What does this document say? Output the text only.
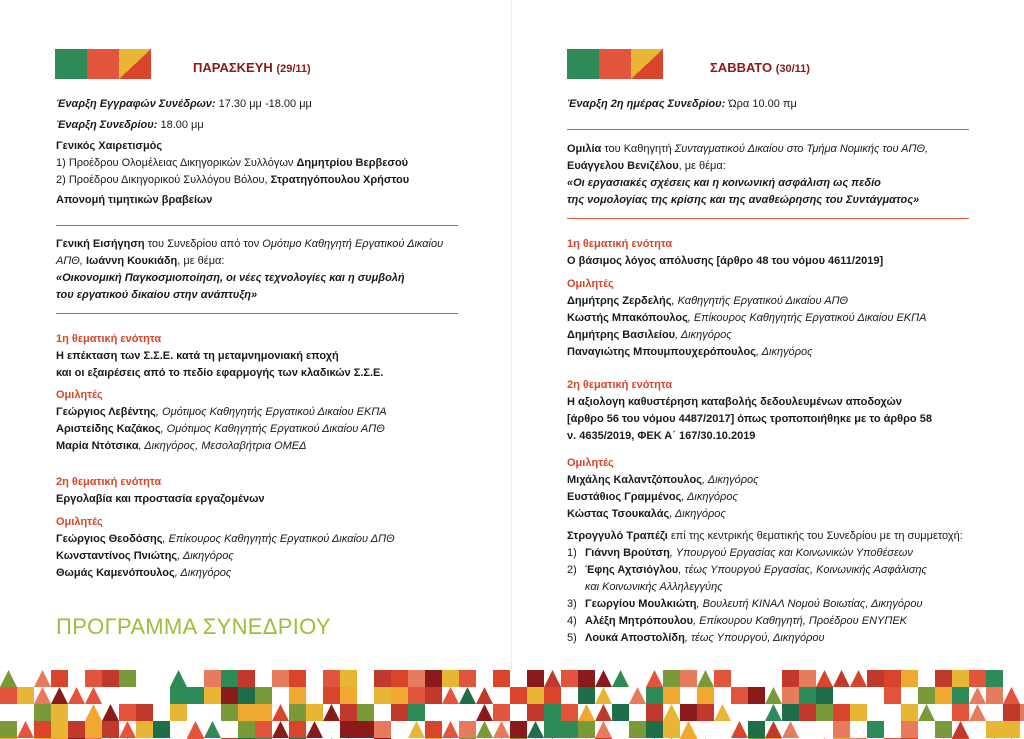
ΠΑΡΑΣΚΕΥΗ (29/11)
Έναρξη Εγγραφών Συνέδρων: 17.30 μμ -18.00 μμ
Έναρξη Συνεδρίου: 18.00 μμ
Γενικός Χαιρετισμός
1) Προέδρου Ολομέλειας Δικηγορικών Συλλόγων Δημητρίου Βερβεσού
2) Προέδρου Δικηγορικού Συλλόγου Βόλου, Στρατηγόπουλου Χρήστου
Απονομή τιμητικών βραβείων
Γενική Εισήγηση του Συνεδρίου από τον Ομότιμο Καθηγητή Εργατικού Δικαίου
ΑΠΘ, Ιωάννη Κουκιάδη, με θέμα:
«Οικονομική Παγκοσμιοποίηση, οι νέες τεχνολογίες και η συμβολή
του εργατικού δικαίου στην ανάπτυξη»
1η θεματική ενότητα
Η επέκταση των Σ.Σ.Ε. κατά τη μεταμνημονιακή εποχή
και οι εξαιρέσεις από το πεδίο εφαρμογής των κλαδικών Σ.Σ.Ε.
Ομιλητές
Γεώργιος Λεβέντης, Ομότιμος Καθηγητής Εργατικού Δικαίου ΕΚΠΑ
Αριστείδης Καζάκος, Ομότιμος Καθηγητής Εργατικού Δικαίου ΑΠΘ
Μαρία Ντότσικα, Δικηγόρος, Μεσολαβήτρια ΟΜΕΔ
2η θεματική ενότητα
Εργολαβία και προστασία εργαζομένων
Ομιλητές
Γεώργιος Θεοδόσης, Επίκουρος Καθηγητής Εργατικού Δικαίου ΔΠΘ
Κωνσταντίνος Πνιώτης, Δικηγόρος
Θωμάς Καμενόπουλος, Δικηγόρος
ΠΡΟΓΡΑΜΜΑ ΣΥΝΕΔΡΙΟΥ
ΣΑΒΒΑΤΟ (30/11)
Έναρξη 2η ημέρας Συνεδρίου: Ώρα 10.00 πμ
Ομιλία του Καθηγητή Συνταγματικού Δικαίου στο Τμήμα Νομικής του ΑΠΘ,
Ευάγγελου Βενιζέλου, με θέμα:
«Οι εργασιακές σχέσεις και η κοινωνική ασφάλιση ως πεδίο
της νομολογίας της κρίσης και της αναθεώρησης του Συντάγματος»
1η θεματική ενότητα
Ο βάσιμος λόγος απόλυσης [άρθρο 48 του νόμου 4611/2019]
Ομιλητές
Δημήτρης Ζερδελής, Καθηγητής Εργατικού Δικαίου ΑΠΘ
Κωστής Μπακόπουλος, Επίκουρος Καθηγητής Εργατικού Δικαίου ΕΚΠΑ
Δημήτρης Βασιλείου, Δικηγόρος
Παναγιώτης Μπουμπουχερόπουλος, Δικηγόρος
2η θεματική ενότητα
Η αξιολογη καθυστέρηση καταβολής δεδουλευμένων αποδοχών
[άρθρο 56 του νόμου 4487/2017] όπως τροποποιήθηκε με το άρθρο 58
ν. 4635/2019, ΦΕΚ Α΄ 167/30.10.2019
Ομιλητές
Μιχάλης Καλαντζόπουλος, Δικηγόρος
Ευστάθιος Γραμμένος, Δικηγόρος
Κώστας Τσουκαλάς, Δικηγόρος
Στρογγυλό Τραπέζι επί της κεντρικής θεματικής του Συνεδρίου με τη συμμετοχή:
1) Γιάννη Βρούτση, Υπουργού Εργασίας και Κοινωνικών Υποθέσεων
2) Έφης Αχτσιόγλου, τέως Υπουργού Εργασίας, Κοινωνικής Ασφάλισης
και Κοινωνικής Αλληλεγγύης
3) Γεωργίου Μουλκιώτη, Βουλευτή ΚΙΝΑΛ Νομού Βοιωτίας, Δικηγόρου
4) Αλέξη Μητρόπουλου, Επίκουρου Καθηγητή, Προέδρου ΕΝΥΠΕΚ
5) Λουκά Αποστολίδη, τέως Υπουργού, Δικηγόρου
